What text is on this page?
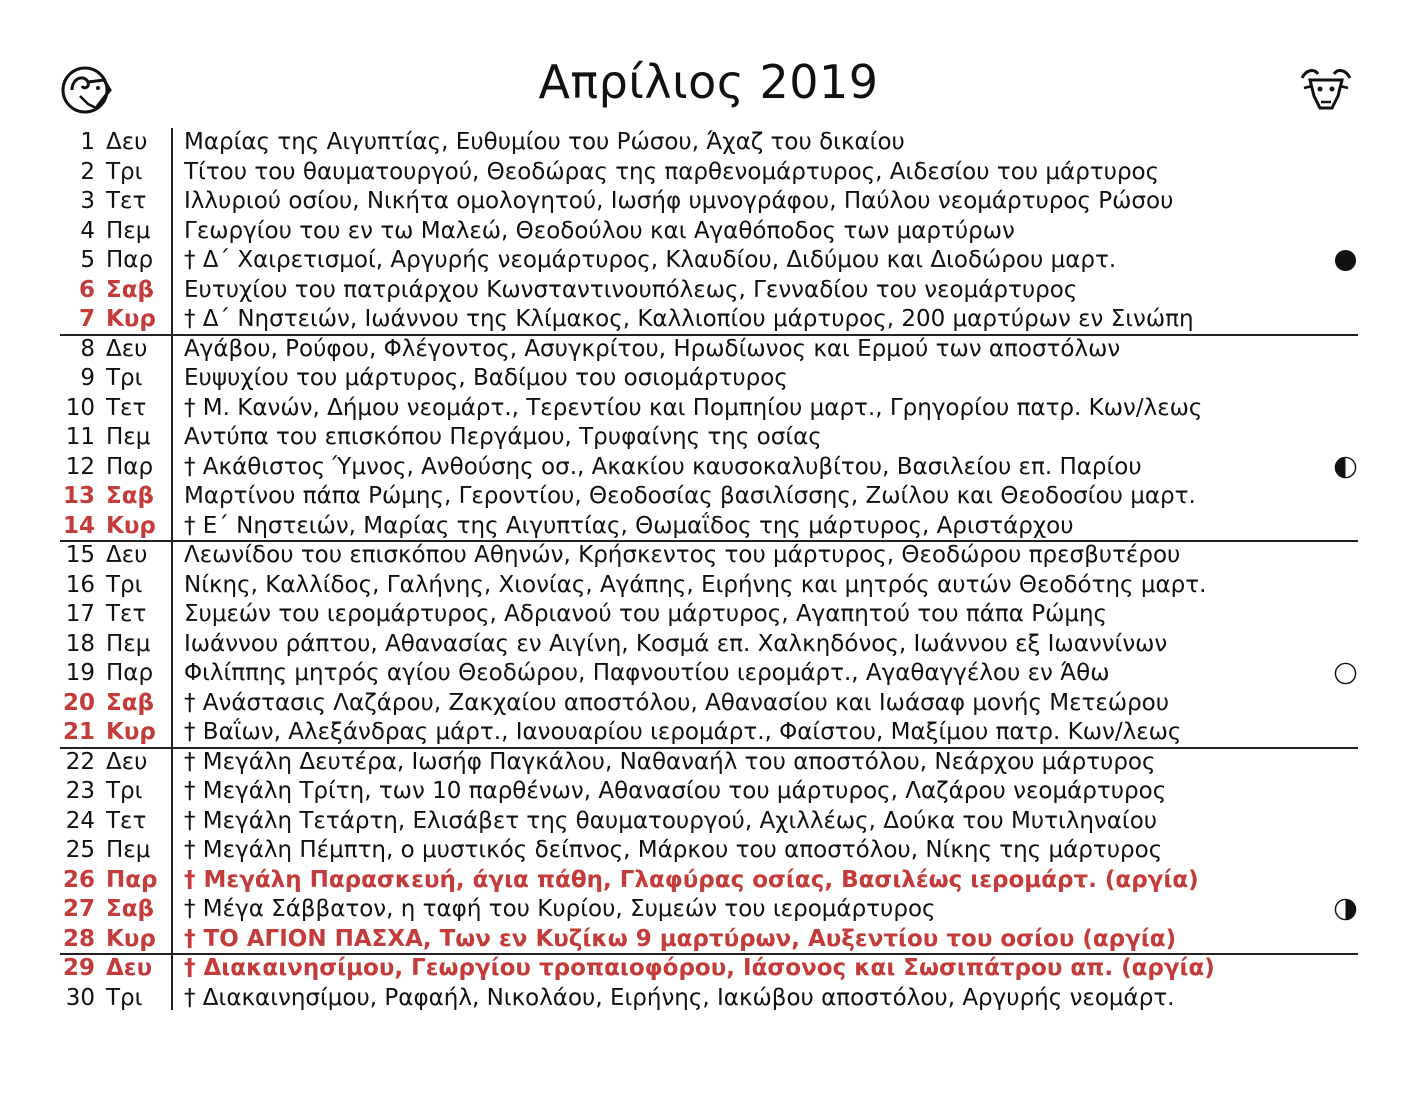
Απρίλιος 2019
1 Δευ	Μαρίας της Αιγυπτίας, Ευθυμίου του Ρώσου, Άχαζ του δικαίου
2 Τρι	Τίτου του θαυματουργού, Θεοδώρας της παρθενομάρτυρος, Αιδεσίου του μάρτυρος
3 Τετ	Ιλλυριού οσίου, Νικήτα ομολογητού, Ιωσήφ υμνογράφου, Παύλου νεομάρτυρος Ρώσου
4 Πεμ	Γεωργίου του εν τω Μαλεώ, Θεοδούλου και Αγαθόποδος των μαρτύρων
5 Παρ	† Δ΄ Χαιρετισμοί, Αργυρής νεομάρτυρος, Κλαυδίου, Διδύμου και Διοδώρου μαρτ.
6 Σαβ	Ευτυχίου του πατριάρχου Κωνσταντινουπόλεως, Γενναδίου του νεομάρτυρος
7 Κυρ	† Δ΄ Νηστειών, Ιωάννου της Κλίμακος, Καλλιοπίου μάρτυρος, 200 μαρτύρων εν Σινώπη
8 Δευ	Αγάβου, Ρούφου, Φλέγοντος, Ασυγκρίτου, Ηρωδίωνος και Ερμού των αποστόλων
9 Τρι	Ευψυχίου του μάρτυρος, Βαδίμου του οσιομάρτυρος
10 Τετ	† Μ. Κανών, Δήμου νεομάρτ., Τερεντίου και Πομπηίου μαρτ., Γρηγορίου πατρ. Κων/λεως
11 Πεμ	Αντύπα του επισκόπου Περγάμου, Τρυφαίνης της οσίας
12 Παρ	† Ακάθιστος Ύμνος, Ανθούσης οσ., Ακακίου καυσοκαλυβίτου, Βασιλείου επ. Παρίου
13 Σαβ	Μαρτίνου πάπα Ρώμης, Γεροντίου, Θεοδοσίας βασιλίσσης, Ζωίλου και Θεοδοσίου μαρτ.
14 Κυρ	† Ε΄ Νηστειών, Μαρίας της Αιγυπτίας, Θωμαΐδος της μάρτυρος, Αριστάρχου
15 Δευ	Λεωνίδου του επισκόπου Αθηνών, Κρήσκεντος του μάρτυρος, Θεοδώρου πρεσβυτέρου
16 Τρι	Νίκης, Καλλίδος, Γαλήνης, Χιονίας, Αγάπης, Ειρήνης και μητρός αυτών Θεοδότης μαρτ.
17 Τετ	Συμεών του ιερομάρτυρος, Αδριανού του μάρτυρος, Αγαπητού του πάπα Ρώμης
18 Πεμ	Ιωάννου ράπτου, Αθανασίας εν Αιγίνη, Κοσμά επ. Χαλκηδόνος, Ιωάννου εξ Ιωαννίνων
19 Παρ	Φιλίππης μητρός αγίου Θεοδώρου, Παφνουτίου ιερομάρτ., Αγαθαγγέλου εν Άθω
20 Σαβ	† Ανάστασις Λαζάρου, Ζακχαίου αποστόλου, Αθανασίου και Ιωάσαφ μονής Μετεώρου
21 Κυρ	† Βαΐων, Αλεξάνδρας μάρτ., Ιανουαρίου ιερομάρτ., Φαίστου, Μαξίμου πατρ. Κων/λεως
22 Δευ	† Μεγάλη Δευτέρα, Ιωσήφ Παγκάλου, Ναθαναήλ του αποστόλου, Νεάρχου μάρτυρος
23 Τρι	† Μεγάλη Τρίτη, των 10 παρθένων, Αθανασίου του μάρτυρος, Λαζάρου νεομάρτυρος
24 Τετ	† Μεγάλη Τετάρτη, Ελισάβετ της θαυματουργού, Αχιλλέως, Δούκα του Μυτιληναίου
25 Πεμ	† Μεγάλη Πέμπτη, ο μυστικός δείπνος, Μάρκου του αποστόλου, Νίκης της μάρτυρος
26 Παρ	† Μεγάλη Παρασκευή, άγια πάθη, Γλαφύρας οσίας, Βασιλέως ιερομάρτ. (αργία)
27 Σαβ	† Μέγα Σάββατον, η ταφή του Κυρίου, Συμεών του ιερομάρτυρος
28 Κυρ	† ΤΟ ΑΓΙΟΝ ΠΑΣΧΑ, Των εν Κυζίκω 9 μαρτύρων, Αυξεντίου του οσίου (αργία)
29 Δευ	† Διακαινησίμου, Γεωργίου τροπαιοφόρου, Ιάσονος και Σωσιπάτρου απ. (αργία)
30 Τρι	† Διακαινησίμου, Ραφαήλ, Νικολάου, Ειρήνης, Ιακώβου αποστόλου, Αργυρής νεομάρτ.
